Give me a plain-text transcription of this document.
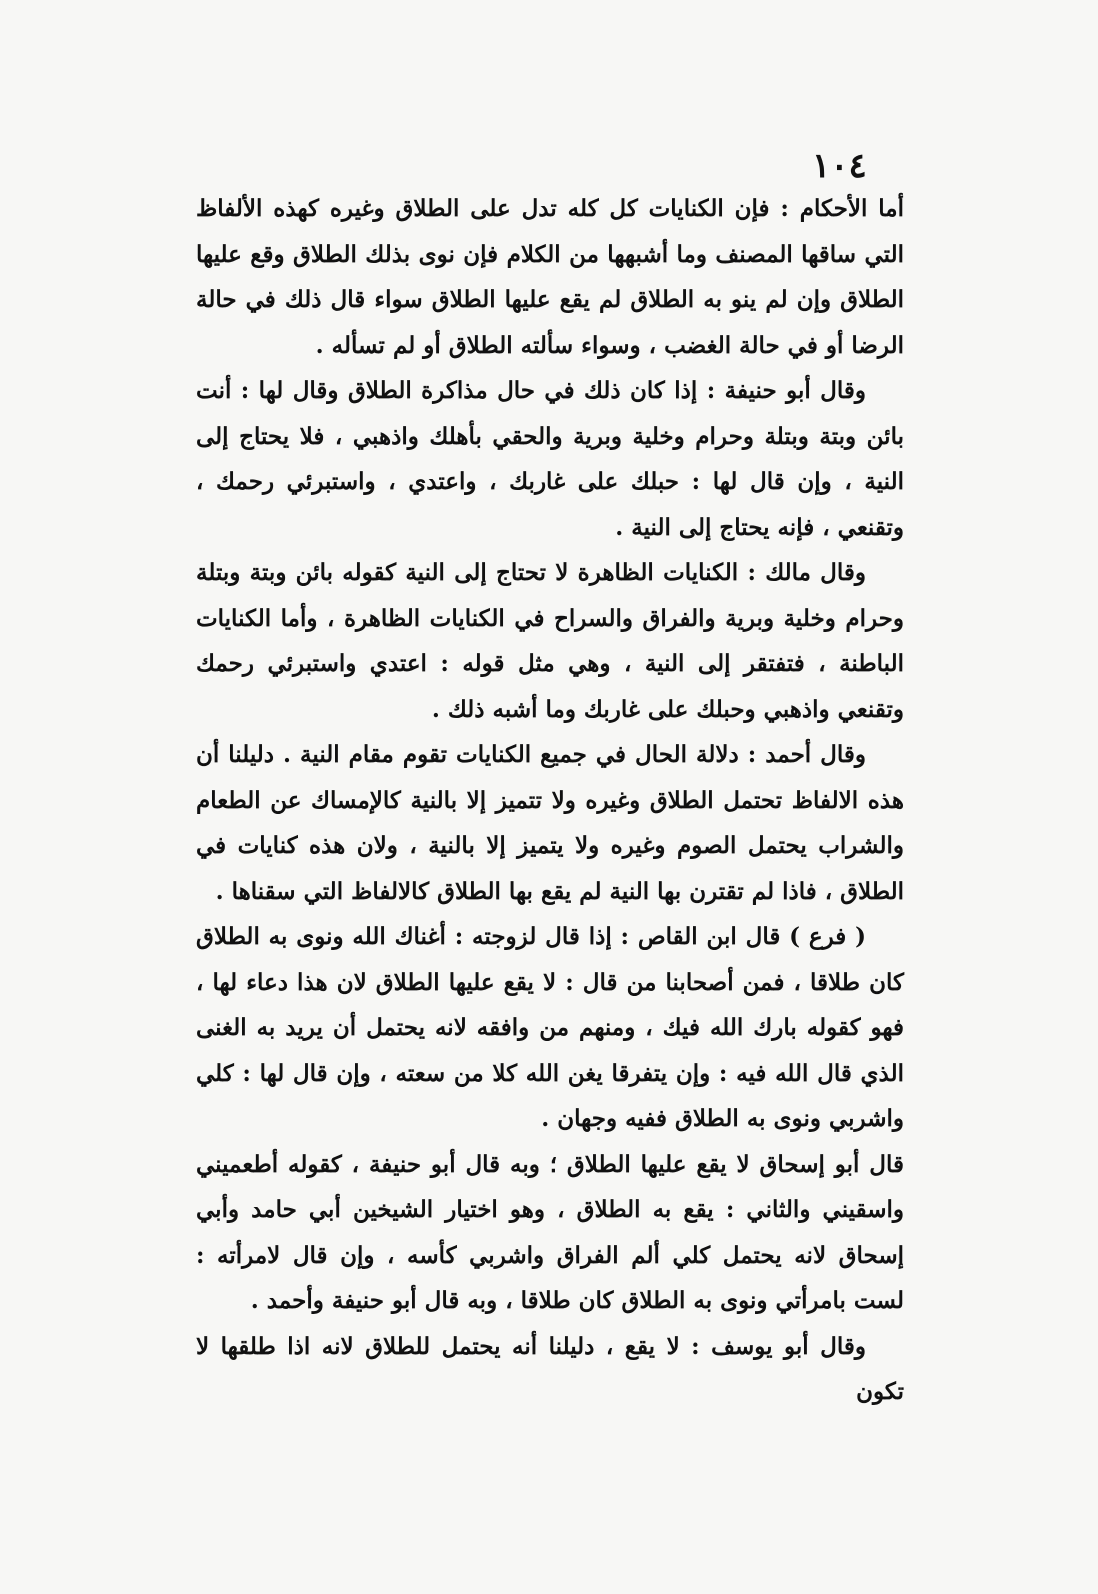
١٠٤

أما الأحكام : فإن الكنايات كل كله تدل على الطلاق وغيره كهذه الألفاظ التي ساقها المصنف وما أشبهها من الكلام فإن نوى بذلك الطلاق وقع عليها الطلاق وإن لم ينو به الطلاق لم يقع عليها الطلاق سواء قال ذلك في حالة الرضا أو في حالة الغضب ، وسواء سألته الطلاق أو لم تسأله .

وقال أبو حنيفة : إذا كان ذلك في حال مذاكرة الطلاق وقال لها : أنت بائن وبتة وبتلة وحرام وخلية وبرية والحقي بأهلك واذهبي ، فلا يحتاج إلى النية ، وإن قال لها : حبلك على غاربك ، واعتدي ، واستبرئي رحمك ، وتقنعي ، فإنه يحتاج إلى النية .

وقال مالك : الكنايات الظاهرة لا تحتاج إلى النية كقوله بائن وبتة وبتلة وحرام وخلية وبرية والفراق والسراح في الكنايات الظاهرة ، وأما الكنايات الباطنة ، فتفتقر إلى النية ، وهي مثل قوله : اعتدي واستبرئي رحمك وتقنعي واذهبي وحبلك على غاربك وما أشبه ذلك .

وقال أحمد : دلالة الحال في جميع الكنايات تقوم مقام النية . دليلنا أن هذه الالفاظ تحتمل الطلاق وغيره ولا تتميز إلا بالنية كالإمساك عن الطعام والشراب يحتمل الصوم وغيره ولا يتميز إلا بالنية ، ولان هذه كنايات في الطلاق ، فاذا لم تقترن بها النية لم يقع بها الطلاق كالالفاظ التي سقناها .

( فرع ) قال ابن القاص : إذا قال لزوجته : أغناك الله ونوى به الطلاق كان طلاقا ، فمن أصحابنا من قال : لا يقع عليها الطلاق لان هذا دعاء لها ، فهو كقوله بارك الله فيك ، ومنهم من وافقه لانه يحتمل أن يريد به الغنى الذي قال الله فيه : وإن يتفرقا يغن الله كلا من سعته ، وإن قال لها : كلي واشربي ونوى به الطلاق ففيه وجهان .

قال أبو إسحاق لا يقع عليها الطلاق ؛ وبه قال أبو حنيفة ، كقوله أطعميني واسقيني والثاني : يقع به الطلاق ، وهو اختيار الشيخين أبي حامد وأبي إسحاق لانه يحتمل كلي ألم الفراق واشربي كأسه ، وإن قال لامرأته : لست بامرأتي ونوى به الطلاق كان طلاقا ، وبه قال أبو حنيفة وأحمد .

وقال أبو يوسف : لا يقع ، دليلنا أنه يحتمل للطلاق لانه اذا طلقها لا تكون
